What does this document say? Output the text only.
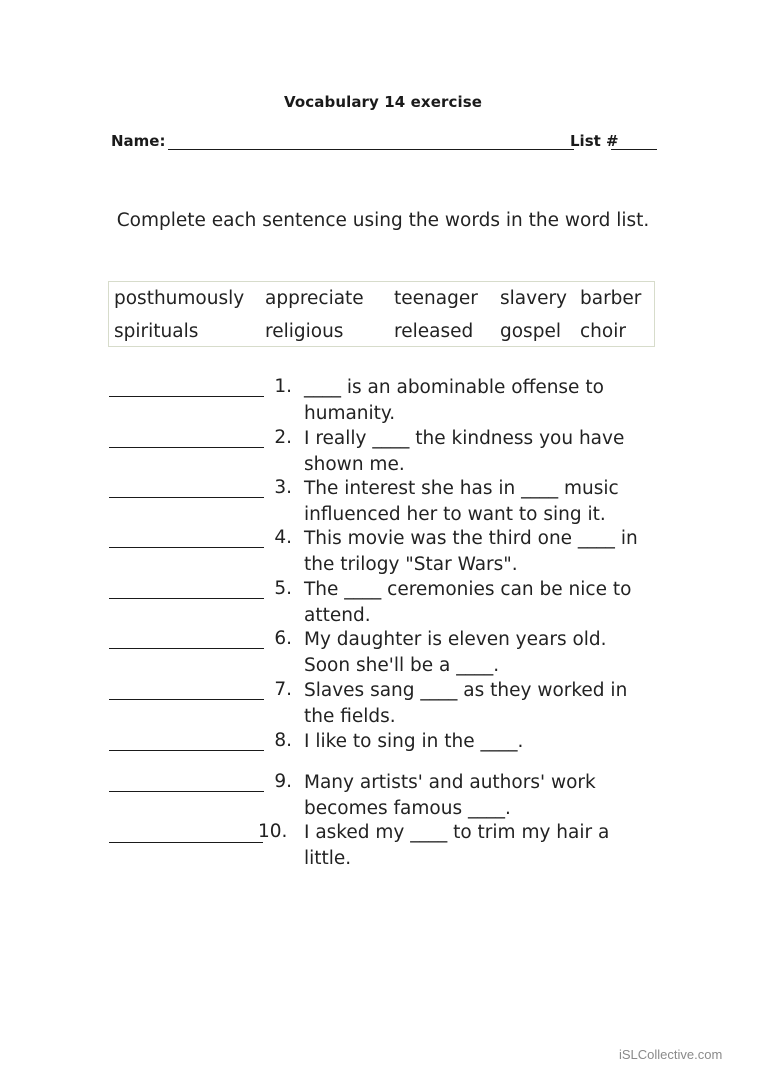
Vocabulary 14 exercise
Name:	List #
Complete each sentence using the words in the word list.
posthumously appreciate teenager slavery barber
spirituals	religious	released gospel choir
1. ____ is an abominable offense to humanity.
2. I really ____ the kindness you have shown me.
3. The interest she has in ____ music influenced her to want to sing it.
4. This movie was the third one ____ in the trilogy "Star Wars".
5. The ____ ceremonies can be nice to attend.
6. My daughter is eleven years old. Soon she'll be a ____.
7. Slaves sang ____ as they worked in the fields.
8. I like to sing in the ____.
9. Many artists' and authors' work becomes famous ____.
10. I asked my ____ to trim my hair a little.
iSLCollective.com
